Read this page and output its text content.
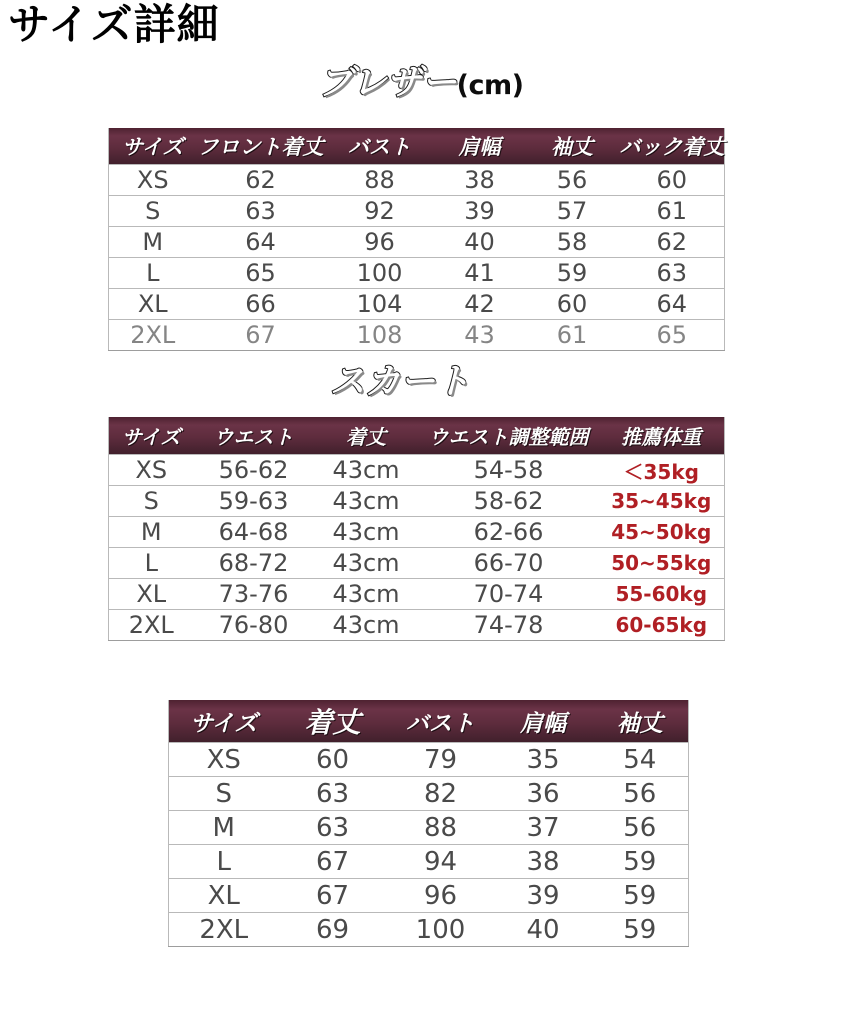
サイズ詳細
ブレザー(cm)
サイズ	フロント着丈	バスト	肩幅	袖丈	バック着丈
XS	62	88	38	56	60
S	63	92	39	57	61
M	64	96	40	58	62
L	65	100	41	59	63
XL	66	104	42	60	64
2XL	67	108	43	61	65
スカート
サイズ	ウエスト	着丈	ウエスト調整範囲	推薦体重
XS	56-62	43cm	54-58	＜35kg
S	59-63	43cm	58-62	35~45kg
M	64-68	43cm	62-66	45~50kg
L	68-72	43cm	66-70	50~55kg
XL	73-76	43cm	70-74	55-60kg
2XL	76-80	43cm	74-78	60-65kg
サイズ	着丈	バスト	肩幅	袖丈
XS	60	79	35	54
S	63	82	36	56
M	63	88	37	56
L	67	94	38	59
XL	67	96	39	59
2XL	69	100	40	59
